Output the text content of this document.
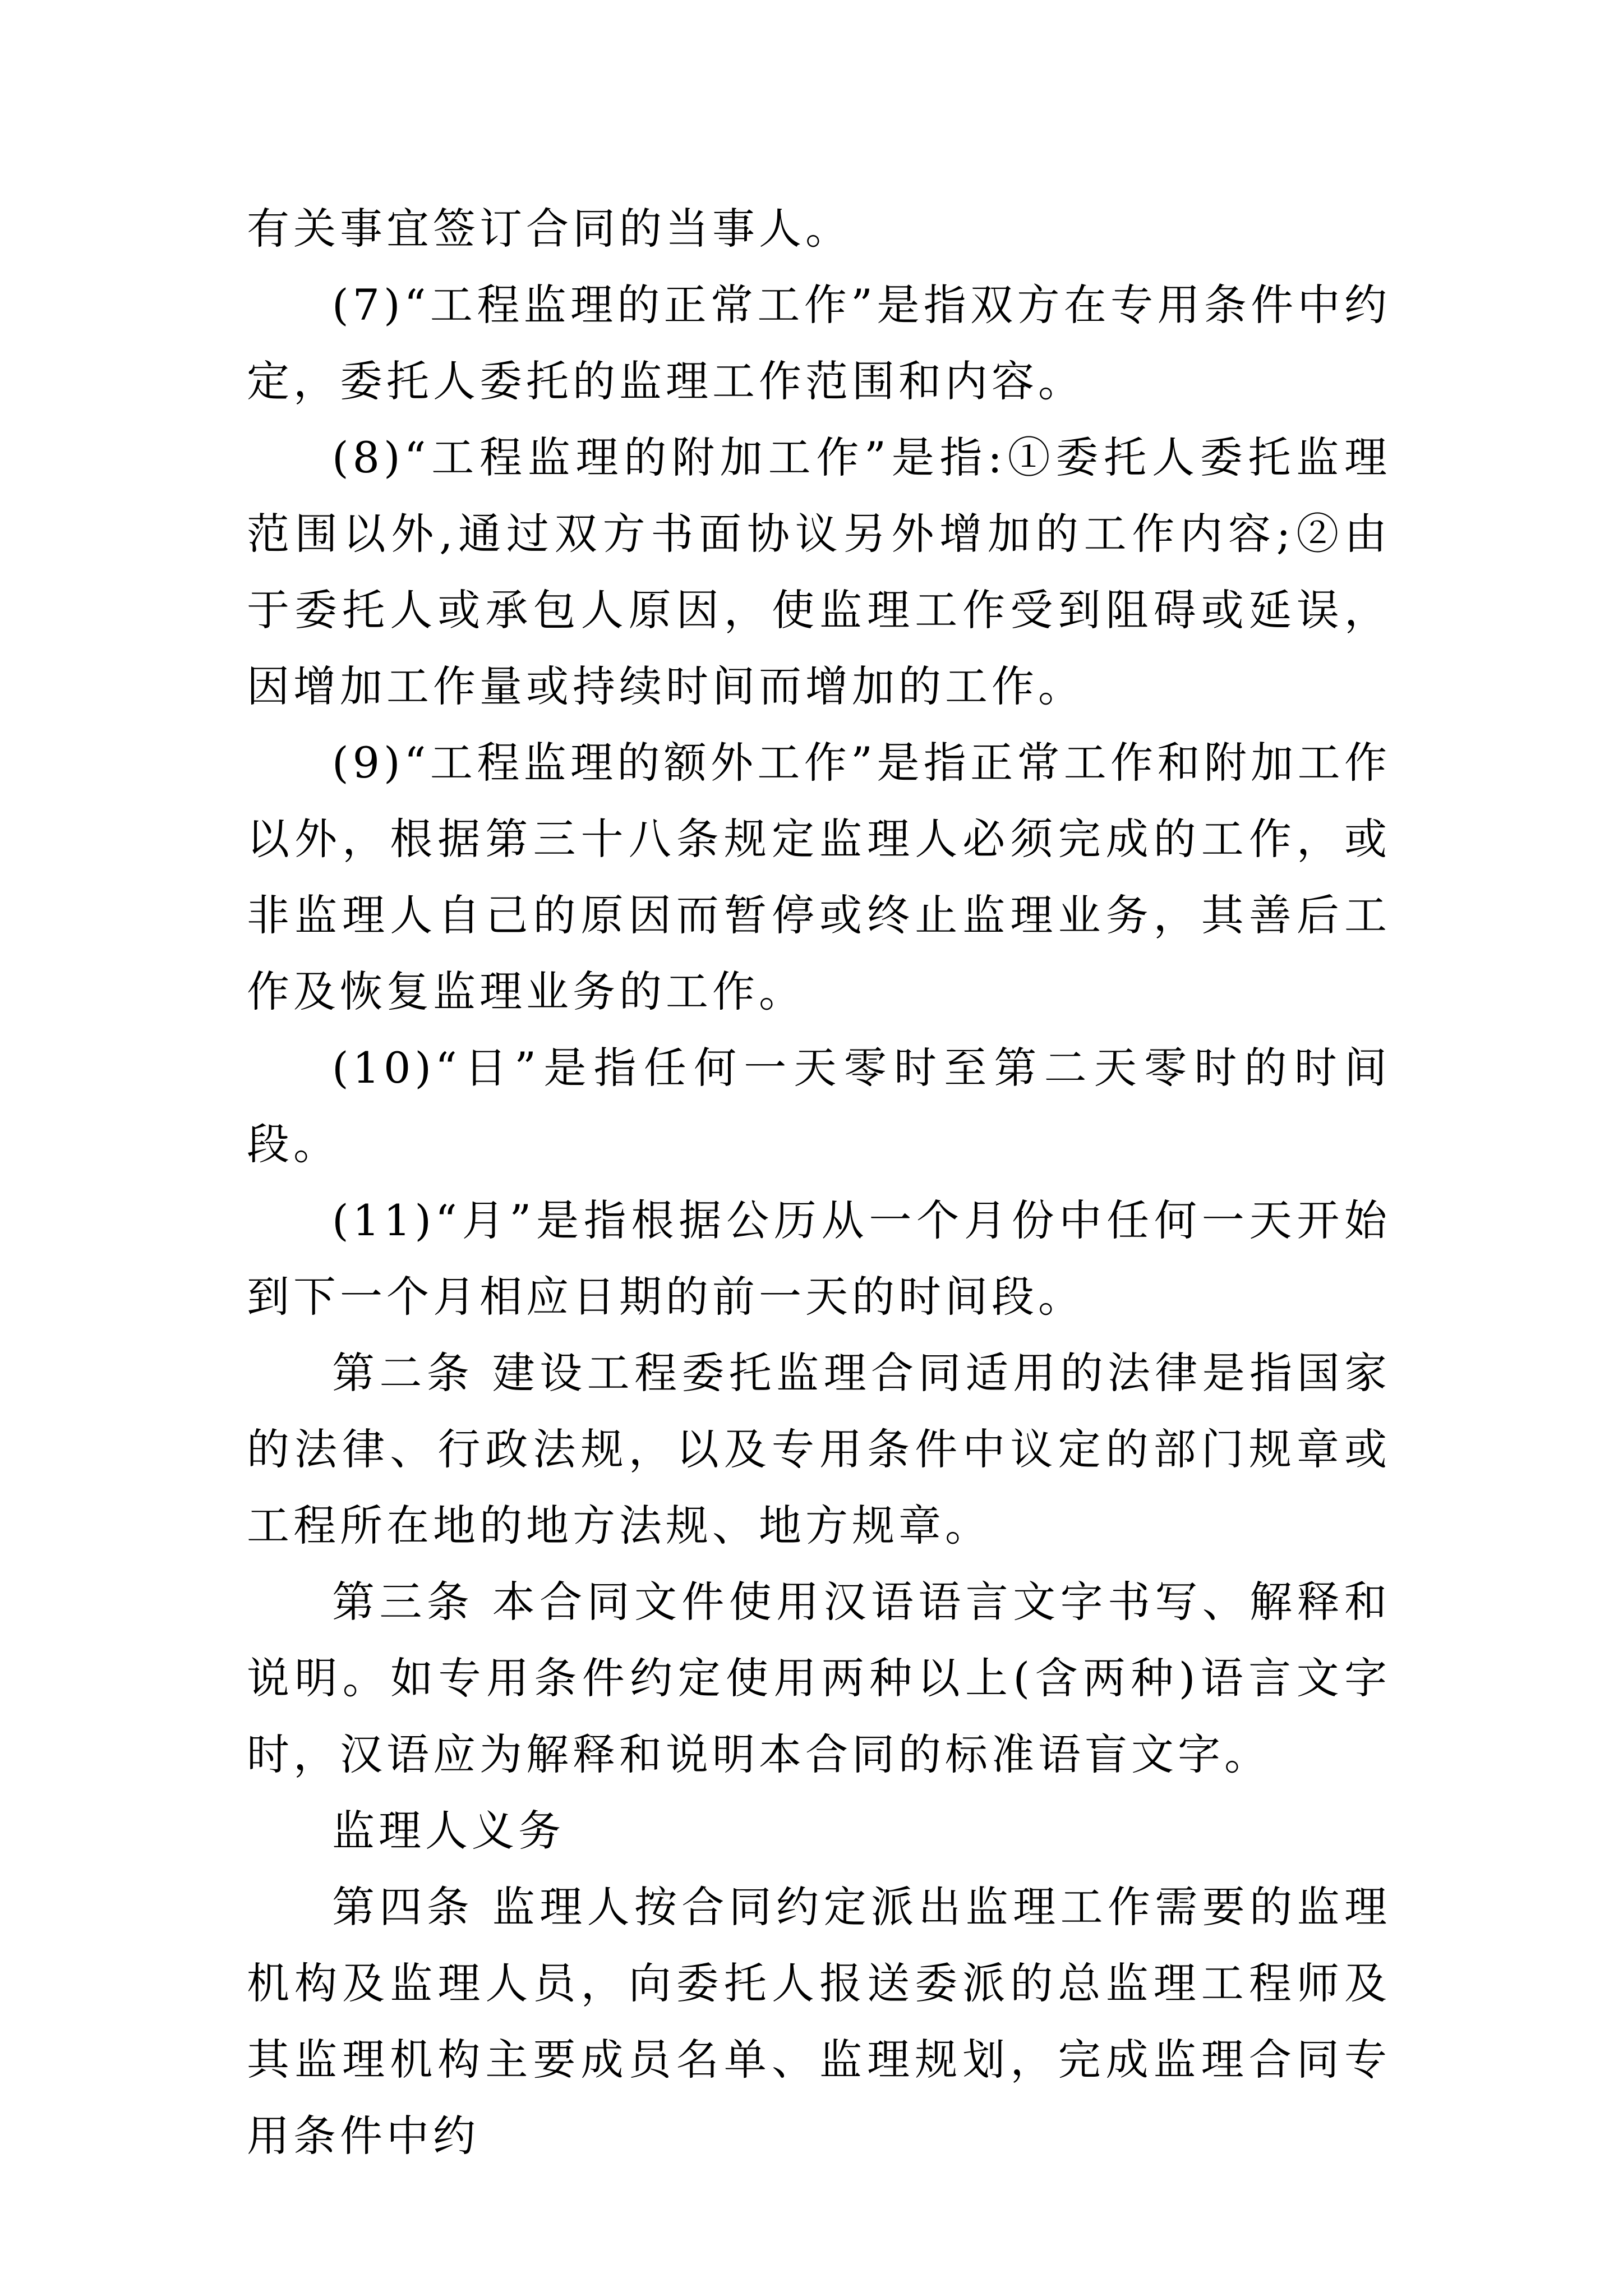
有关事宜签订合同的当事人。

(7)“工程监理的正常工作”是指双方在专用条件中约定，委托人委托的监理工作范围和内容。

(8)“工程监理的附加工作”是指:①委托人委托监理范围以外,通过双方书面协议另外增加的工作内容;②由于委托人或承包人原因，使监理工作受到阻碍或延误，因增加工作量或持续时间而增加的工作。

(9)“工程监理的额外工作”是指正常工作和附加工作以外，根据第三十八条规定监理人必须完成的工作，或非监理人自己的原因而暂停或终止监理业务，其善后工作及恢复监理业务的工作。

(10)“日”是指任何一天零时至第二天零时的时间段。

(11)“月”是指根据公历从一个月份中任何一天开始到下一个月相应日期的前一天的时间段。

第二条 建设工程委托监理合同适用的法律是指国家的法律、行政法规，以及专用条件中议定的部门规章或工程所在地的地方法规、地方规章。

第三条 本合同文件使用汉语语言文字书写、解释和说明。如专用条件约定使用两种以上(含两种)语言文字时，汉语应为解释和说明本合同的标准语盲文字。

监理人义务

第四条 监理人按合同约定派出监理工作需要的监理机构及监理人员，向委托人报送委派的总监理工程师及其监理机构主要成员名单、监理规划，完成监理合同专用条件中约
